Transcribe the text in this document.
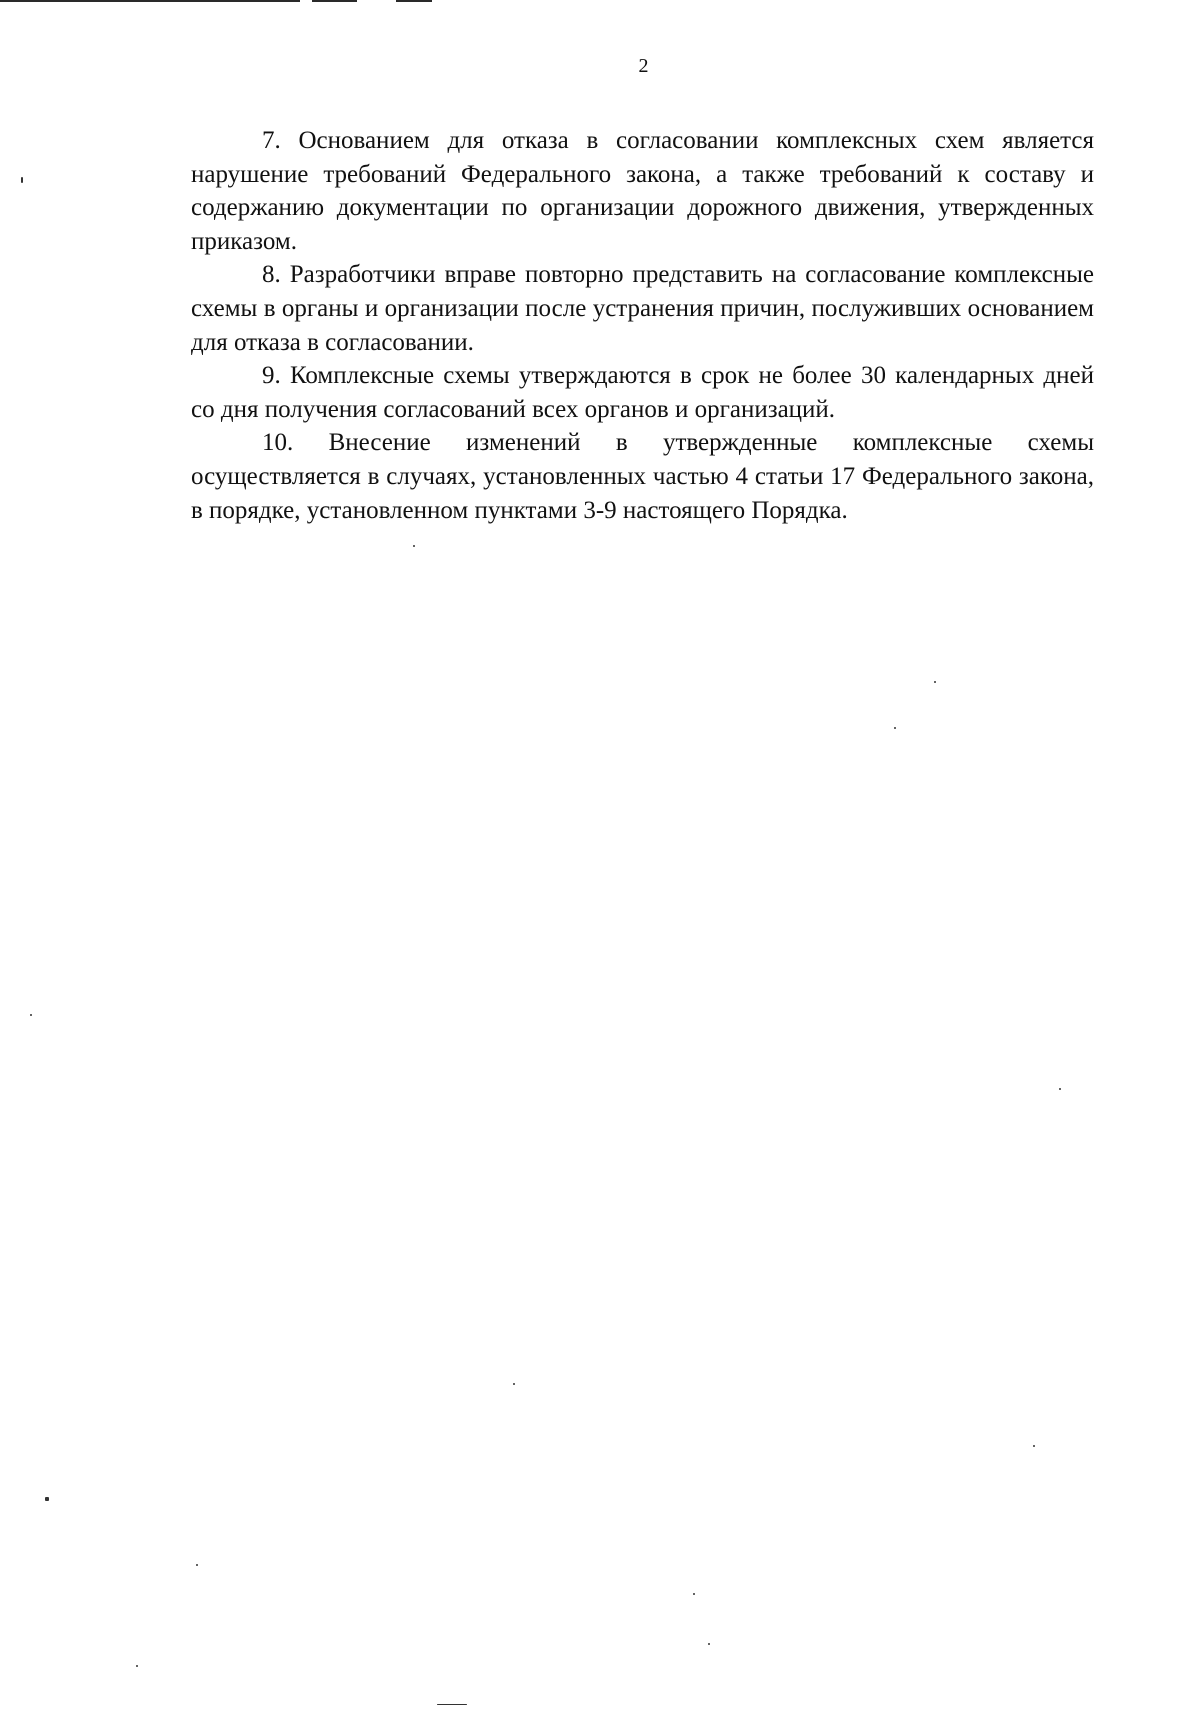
2

7. Основанием для отказа в согласовании комплексных схем является нарушение требований Федерального закона, а также требований к составу и содержанию документации по организации дорожного движения, утвержденных приказом.

8. Разработчики вправе повторно представить на согласование комплексные схемы в органы и организации после устранения причин, послуживших основанием для отказа в согласовании.

9. Комплексные схемы утверждаются в срок не более 30 календарных дней со дня получения согласований всех органов и организаций.

10. Внесение изменений в утвержденные комплексные схемы осуществляется в случаях, установленных частью 4 статьи 17 Федерального закона, в порядке, установленном пунктами 3-9 настоящего Порядка.
